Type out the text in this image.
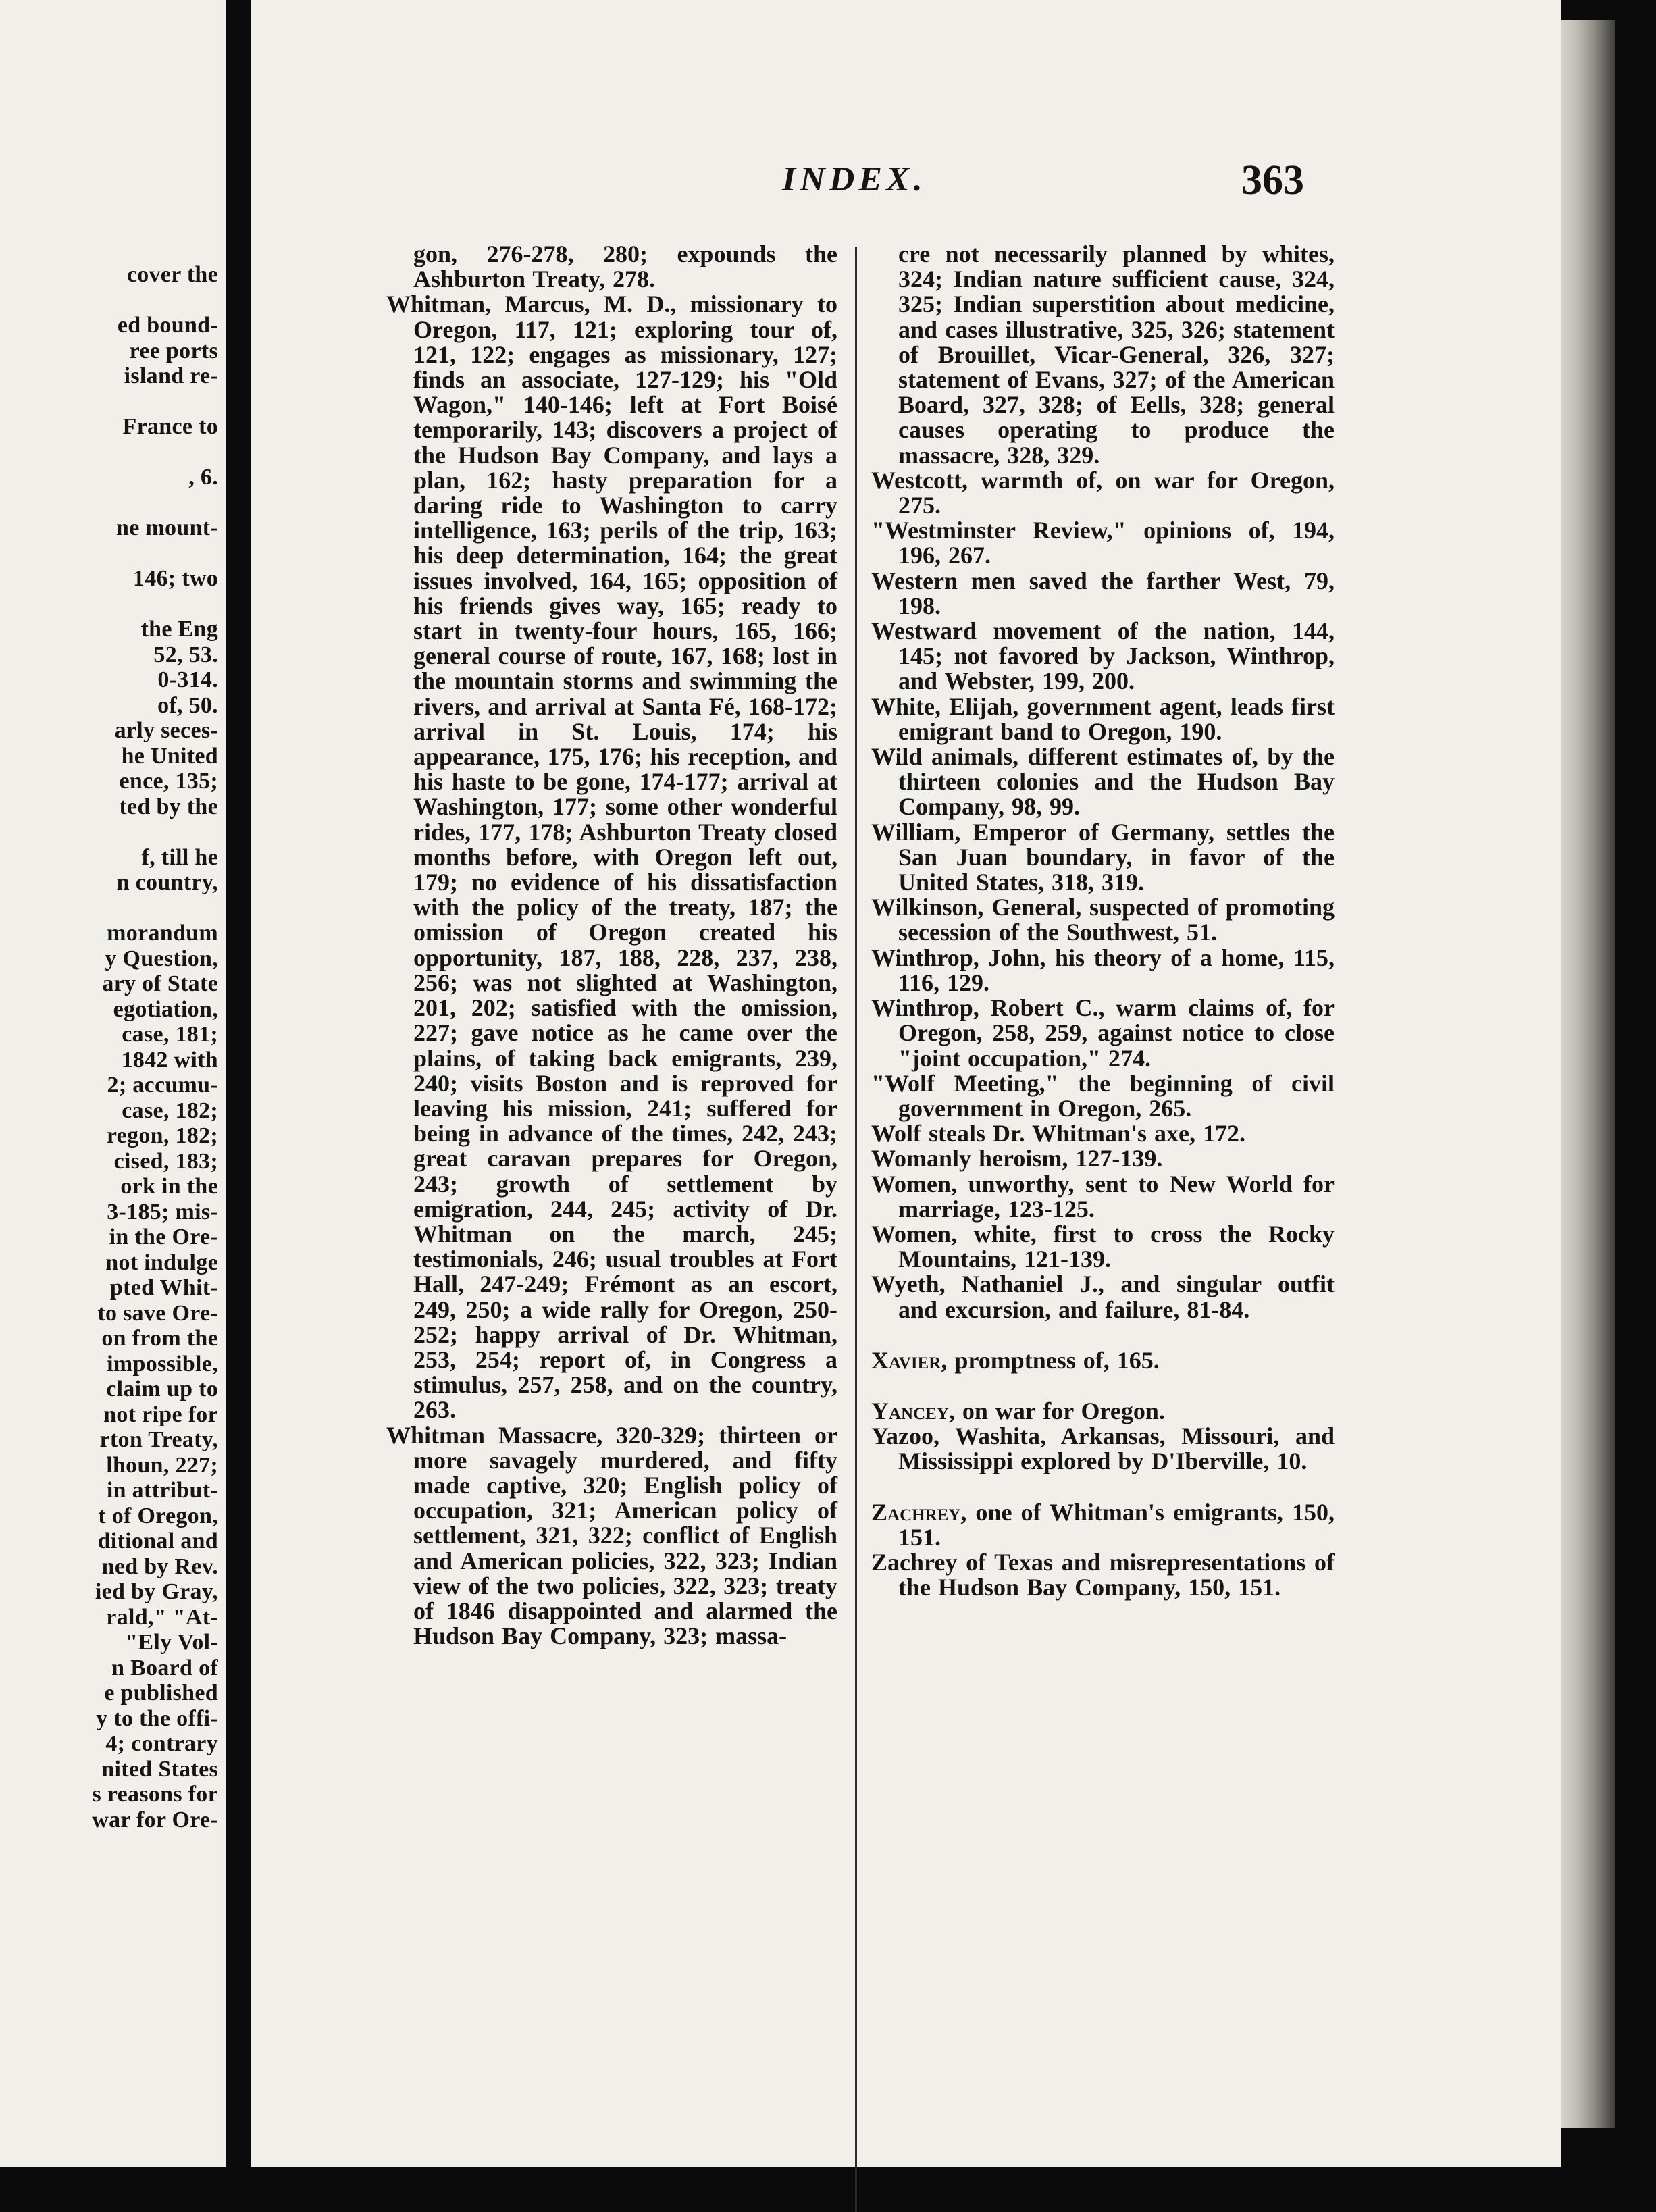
cover the
ed bound-
ree ports
island re-
France to
, 6.
ne mount-
146; two
the Eng
52, 53.
0-314.
of, 50.
arly seces-
he United
ence, 135;
ted by the
f, till he
n country,
morandum
y Question,
ary of State
egotiation,
case, 181;
1842 with
2; accumu-
case, 182;
regon, 182;
cised, 183;
ork in the
3-185; mis-
in the Ore-
not indulge
pted Whit-
to save Ore-
on from the
impossible,
claim up to
not ripe for
rton Treaty,
lhoun, 227;
in attribut-
t of Oregon,
ditional and
ned by Rev.
ied by Gray,
rald," "At-
"Ely Vol-
n Board of
e published
y to the offi-
4; contrary
nited States
s reasons for
war for Ore-
INDEX.	363

gon, 276-278, 280; expounds the Ashburton Treaty, 278.

Whitman, Marcus, M. D., missionary to Oregon, 117, 121; exploring tour of, 121, 122; engages as missionary, 127; finds an associate, 127-129; his "Old Wagon," 140-146; left at Fort Boisé temporarily, 143; discovers a project of the Hudson Bay Company, and lays a plan, 162; hasty preparation for a daring ride to Washington to carry intelligence, 163; perils of the trip, 163; his deep determination, 164; the great issues involved, 164, 165; opposition of his friends gives way, 165; ready to start in twenty-four hours, 165, 166; general course of route, 167, 168; lost in the mountain storms and swimming the rivers, and arrival at Santa Fé, 168-172; arrival in St. Louis, 174; his appearance, 175, 176; his reception, and his haste to be gone, 174-177; arrival at Washington, 177; some other wonderful rides, 177, 178; Ashburton Treaty closed months before, with Oregon left out, 179; no evidence of his dissatisfaction with the policy of the treaty, 187; the omission of Oregon created his opportunity, 187, 188, 228, 237, 238, 256; was not slighted at Washington, 201, 202; satisfied with the omission, 227; gave notice as he came over the plains, of taking back emigrants, 239, 240; visits Boston and is reproved for leaving his mission, 241; suffered for being in advance of the times, 242, 243; great caravan prepares for Oregon, 243; growth of settlement by emigration, 244, 245; activity of Dr. Whitman on the march, 245; testimonials, 246; usual troubles at Fort Hall, 247-249; Frémont as an escort, 249, 250; a wide rally for Oregon, 250-252; happy arrival of Dr. Whitman, 253, 254; report of, in Congress a stimulus, 257, 258, and on the country, 263.

Whitman Massacre, 320-329; thirteen or more savagely murdered, and fifty made captive, 320; English policy of occupation, 321; American policy of settlement, 321, 322; conflict of English and American policies, 322, 323; Indian view of the two policies, 322, 323; treaty of 1846 disappointed and alarmed the Hudson Bay Company, 323; massa-

cre not necessarily planned by whites, 324; Indian nature sufficient cause, 324, 325; Indian superstition about medicine, and cases illustrative, 325, 326; statement of Brouillet, Vicar-General, 326, 327; statement of Evans, 327; of the American Board, 327, 328; of Eells, 328; general causes operating to produce the massacre, 328, 329.

Westcott, warmth of, on war for Oregon, 275.

"Westminster Review," opinions of, 194, 196, 267.

Western men saved the farther West, 79, 198.

Westward movement of the nation, 144, 145; not favored by Jackson, Winthrop, and Webster, 199, 200.

White, Elijah, government agent, leads first emigrant band to Oregon, 190.

Wild animals, different estimates of, by the thirteen colonies and the Hudson Bay Company, 98, 99.

William, Emperor of Germany, settles the San Juan boundary, in favor of the United States, 318, 319.

Wilkinson, General, suspected of promoting secession of the Southwest, 51.

Winthrop, John, his theory of a home, 115, 116, 129.

Winthrop, Robert C., warm claims of, for Oregon, 258, 259, against notice to close "joint occupation," 274.

"Wolf Meeting," the beginning of civil government in Oregon, 265.

Wolf steals Dr. Whitman's axe, 172.

Womanly heroism, 127-139.

Women, unworthy, sent to New World for marriage, 123-125.

Women, white, first to cross the Rocky Mountains, 121-139.

Wyeth, Nathaniel J., and singular outfit and excursion, and failure, 81-84.

Xavier, promptness of, 165.

Yancey, on war for Oregon.

Yazoo, Washita, Arkansas, Missouri, and Mississippi explored by D'Iberville, 10.

Zachrey, one of Whitman's emigrants, 150, 151.

Zachrey of Texas and misrepresentations of the Hudson Bay Company, 150, 151.
